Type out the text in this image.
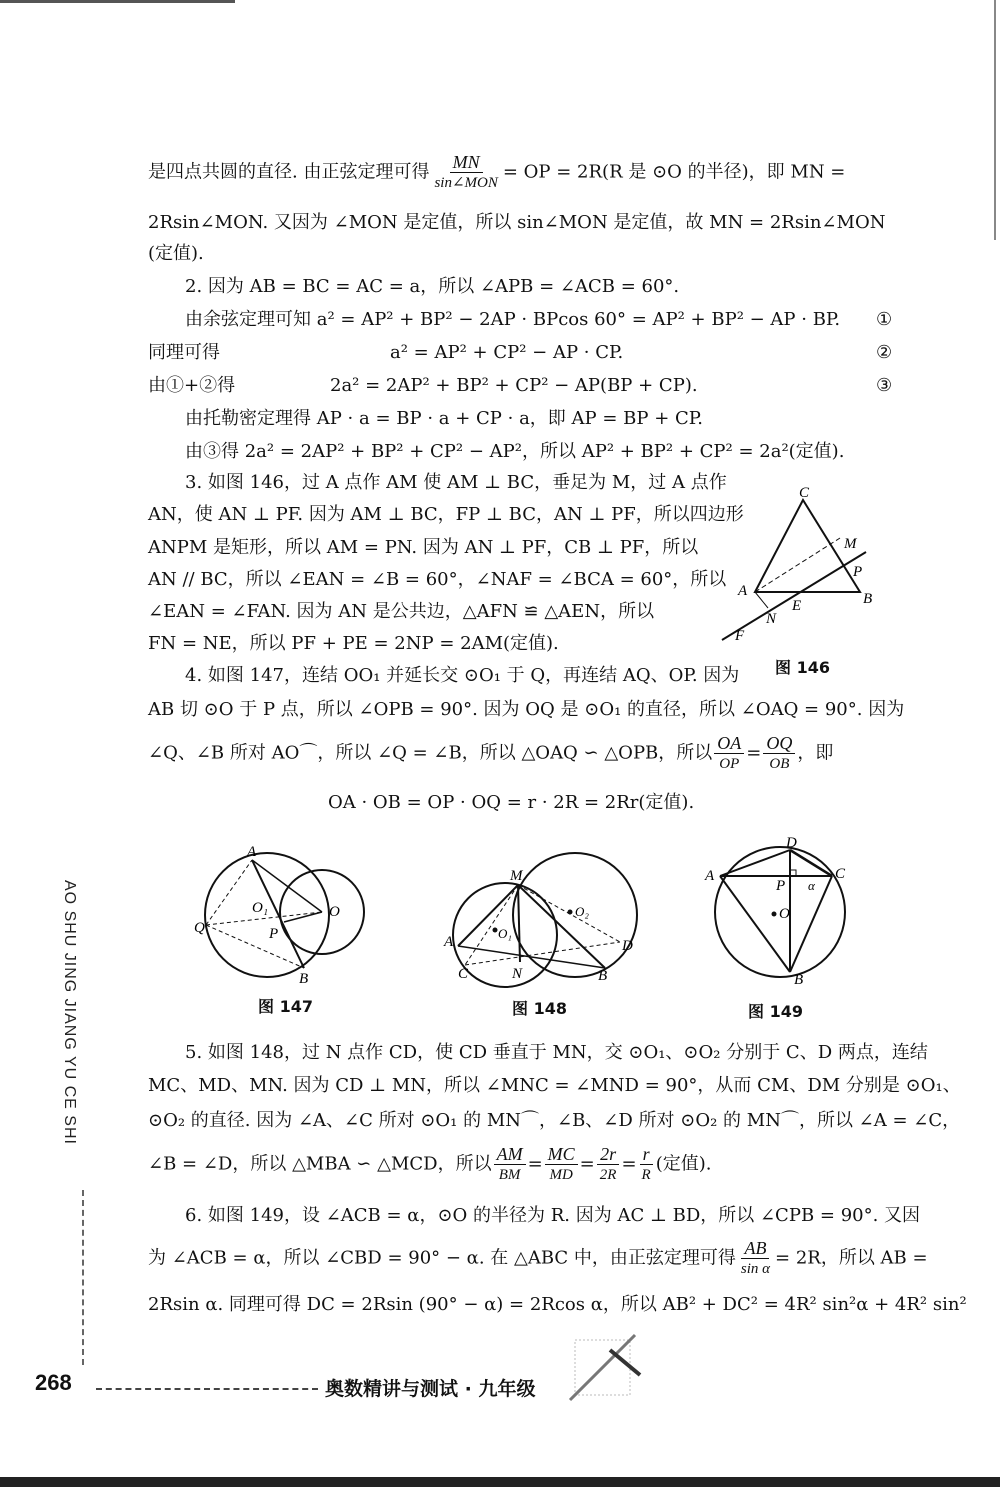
是四点共圆的直径. 由正弦定理可得 $\frac{MN}{\text{sin∠MON}}$ = OP = 2R(R 是 ⊙O 的半径)，即 MN =
2Rsin∠MON. 又因为 ∠MON 是定值，所以 sin∠MON 是定值，故 MN = 2Rsin∠MON
(定值).
2. 因为 AB = BC = AC = a，所以 ∠APB = ∠ACB = 60°.
由余弦定理可知 a² = AP² + BP² − 2AP · BPcos 60° = AP² + BP² − AP · BP. ①
同理可得	a² = AP² + CP² − AP · CP.	②
由①+②得	2a² = 2AP² + BP² + CP² − AP(BP + CP).	③
由托勒密定理得 AP · a = BP · a + CP · a，即 AP = BP + CP.
由③得 2a² = 2AP² + BP² + CP² − AP²，所以 AP² + BP² + CP² = 2a²(定值).
3. 如图 146，过 A 点作 AM 使 AM ⊥ BC，垂足为 M，过 A 点作
AN，使 AN ⊥ PF. 因为 AM ⊥ BC，FP ⊥ BC，AN ⊥ PF，所以四边形
ANPM 是矩形，所以 AM = PN. 因为 AN ⊥ PF，CB ⊥ PF，所以
AN // BC，所以 ∠EAN = ∠B = 60°，∠NAF = ∠BCA = 60°，所以
∠EAN = ∠FAN. 因为 AN 是公共边，△AFN ≌ △AEN，所以
FN = NE，所以 PF + PE = 2NP = 2AM(定值).
4. 如图 147，连结 OO₁ 并延长交 ⊙O₁ 于 Q，再连结 AQ、OP. 因为
AB 切 ⊙O 于 P 点，所以 ∠OPB = 90°. 因为 OQ 是 ⊙O₁ 的直径，所以 ∠OAQ = 90°. 因为
∠Q、∠B 所对 AO⌒，所以 ∠Q = ∠B，所以 △OAQ ∽ △OPB，所以 $\frac{OA}{OP} = \frac{OQ}{OB}$ ，即
OA · OB = OP · OQ = r · 2R = 2Rr(定值).
C
M
P
A	B
E
N
F
图 146
A
O₁	O
Q	P
B
图 147
M
O₂
O₁
A
C	N	B
D
图 148
D
A
P α
C
O
B
图 149
5. 如图 148，过 N 点作 CD，使 CD 垂直于 MN，交 ⊙O₁、⊙O₂ 分别于 C、D 两点，连结
MC、MD、MN. 因为 CD ⊥ MN，所以 ∠MNC = ∠MND = 90°，从而 CM、DM 分别是 ⊙O₁、
⊙O₂ 的直径. 因为 ∠A、∠C 所对 ⊙O₁ 的 MN⌒，∠B、∠D 所对 ⊙O₂ 的 MN⌒，所以 ∠A = ∠C，
∠B = ∠D，所以 △MBA ∽ △MCD，所以 $\frac{AM}{BM} = \frac{MC}{MD} = \frac{2r}{2R} = \frac{r}{R}$ (定值).
6. 如图 149，设 ∠ACB = α，⊙O 的半径为 R. 因为 AC ⊥ BD，所以 ∠CPB = 90°. 又因
为 ∠ACB = α，所以 ∠CBD = 90° − α. 在 △ABC 中，由正弦定理可得 $\frac{AB}{\text{sin α}} = 2R$，所以 AB =
2Rsin α. 同理可得 DC = 2Rsin (90° − α) = 2Rcos α，所以 AB² + DC² = 4R² sin²α + 4R² sin²
AO SHU JING JIANG YU CE SHI
268	奥数精讲与测试 · 九年级
